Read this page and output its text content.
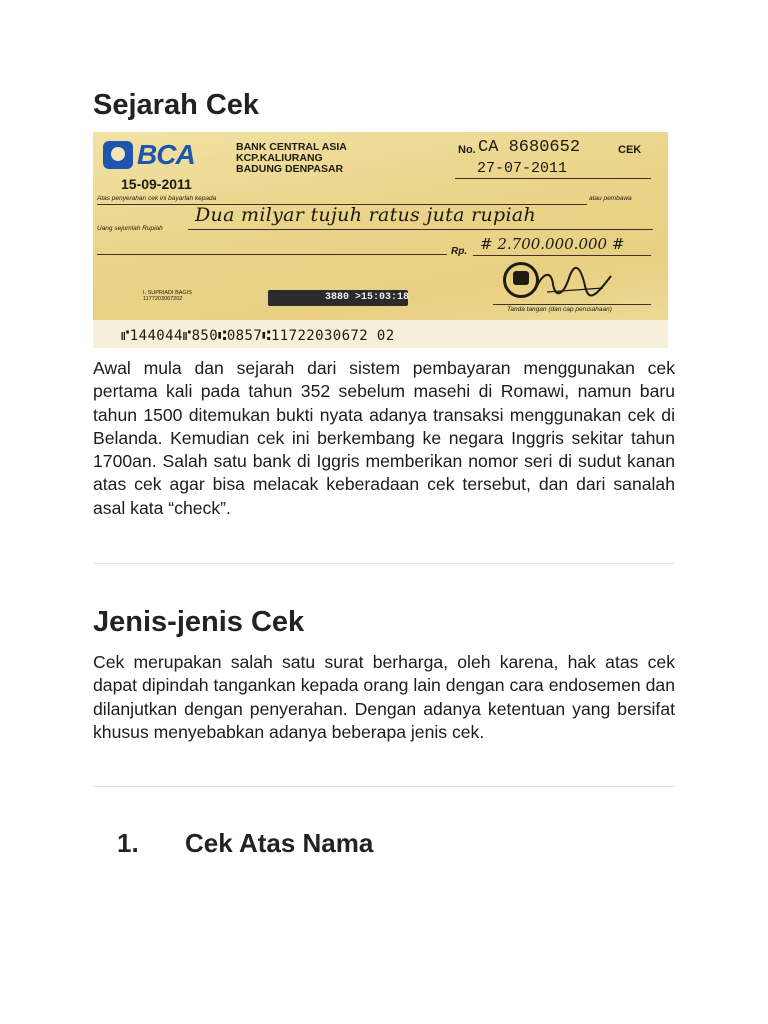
Sejarah Cek
BCA
15-09-2011
BANK CENTRAL ASIA
KCP.KALIURANG
BADUNG DENPASAR
No. CA 8680652	CEK
27-07-2011
Atas penyerahan cek ini bayarlah kepada	atau pembawa
Uang sejumlah Rupiah
Dua milyar tujuh ratus juta rupiah
Rp. # 2.700.000.000 #
I. SUPRIADI BAGIS
1177203067202	3880 >15:03:18
Tanda tangan (dan cap perusahaan)
⑈144044⑈850⑆0857⑆11722030672 02

Awal mula dan sejarah dari sistem pembayaran menggunakan cek pertama kali pada tahun 352 sebelum masehi di Romawi, namun baru tahun 1500 ditemukan bukti nyata adanya transaksi menggunakan cek di Belanda. Kemudian cek ini berkembang ke negara Inggris sekitar tahun 1700an. Salah satu bank di Iggris memberikan nomor seri di sudut kanan atas cek agar bisa melacak keberadaan cek tersebut, dan dari sanalah asal kata “check”.

Jenis-jenis Cek

Cek merupakan salah satu surat berharga, oleh karena, hak atas cek dapat dipindah tangankan kepada orang lain dengan cara endosemen dan dilanjutkan dengan penyerahan. Dengan adanya ketentuan yang bersifat khusus menyebabkan adanya beberapa jenis cek.

1. Cek Atas Nama
